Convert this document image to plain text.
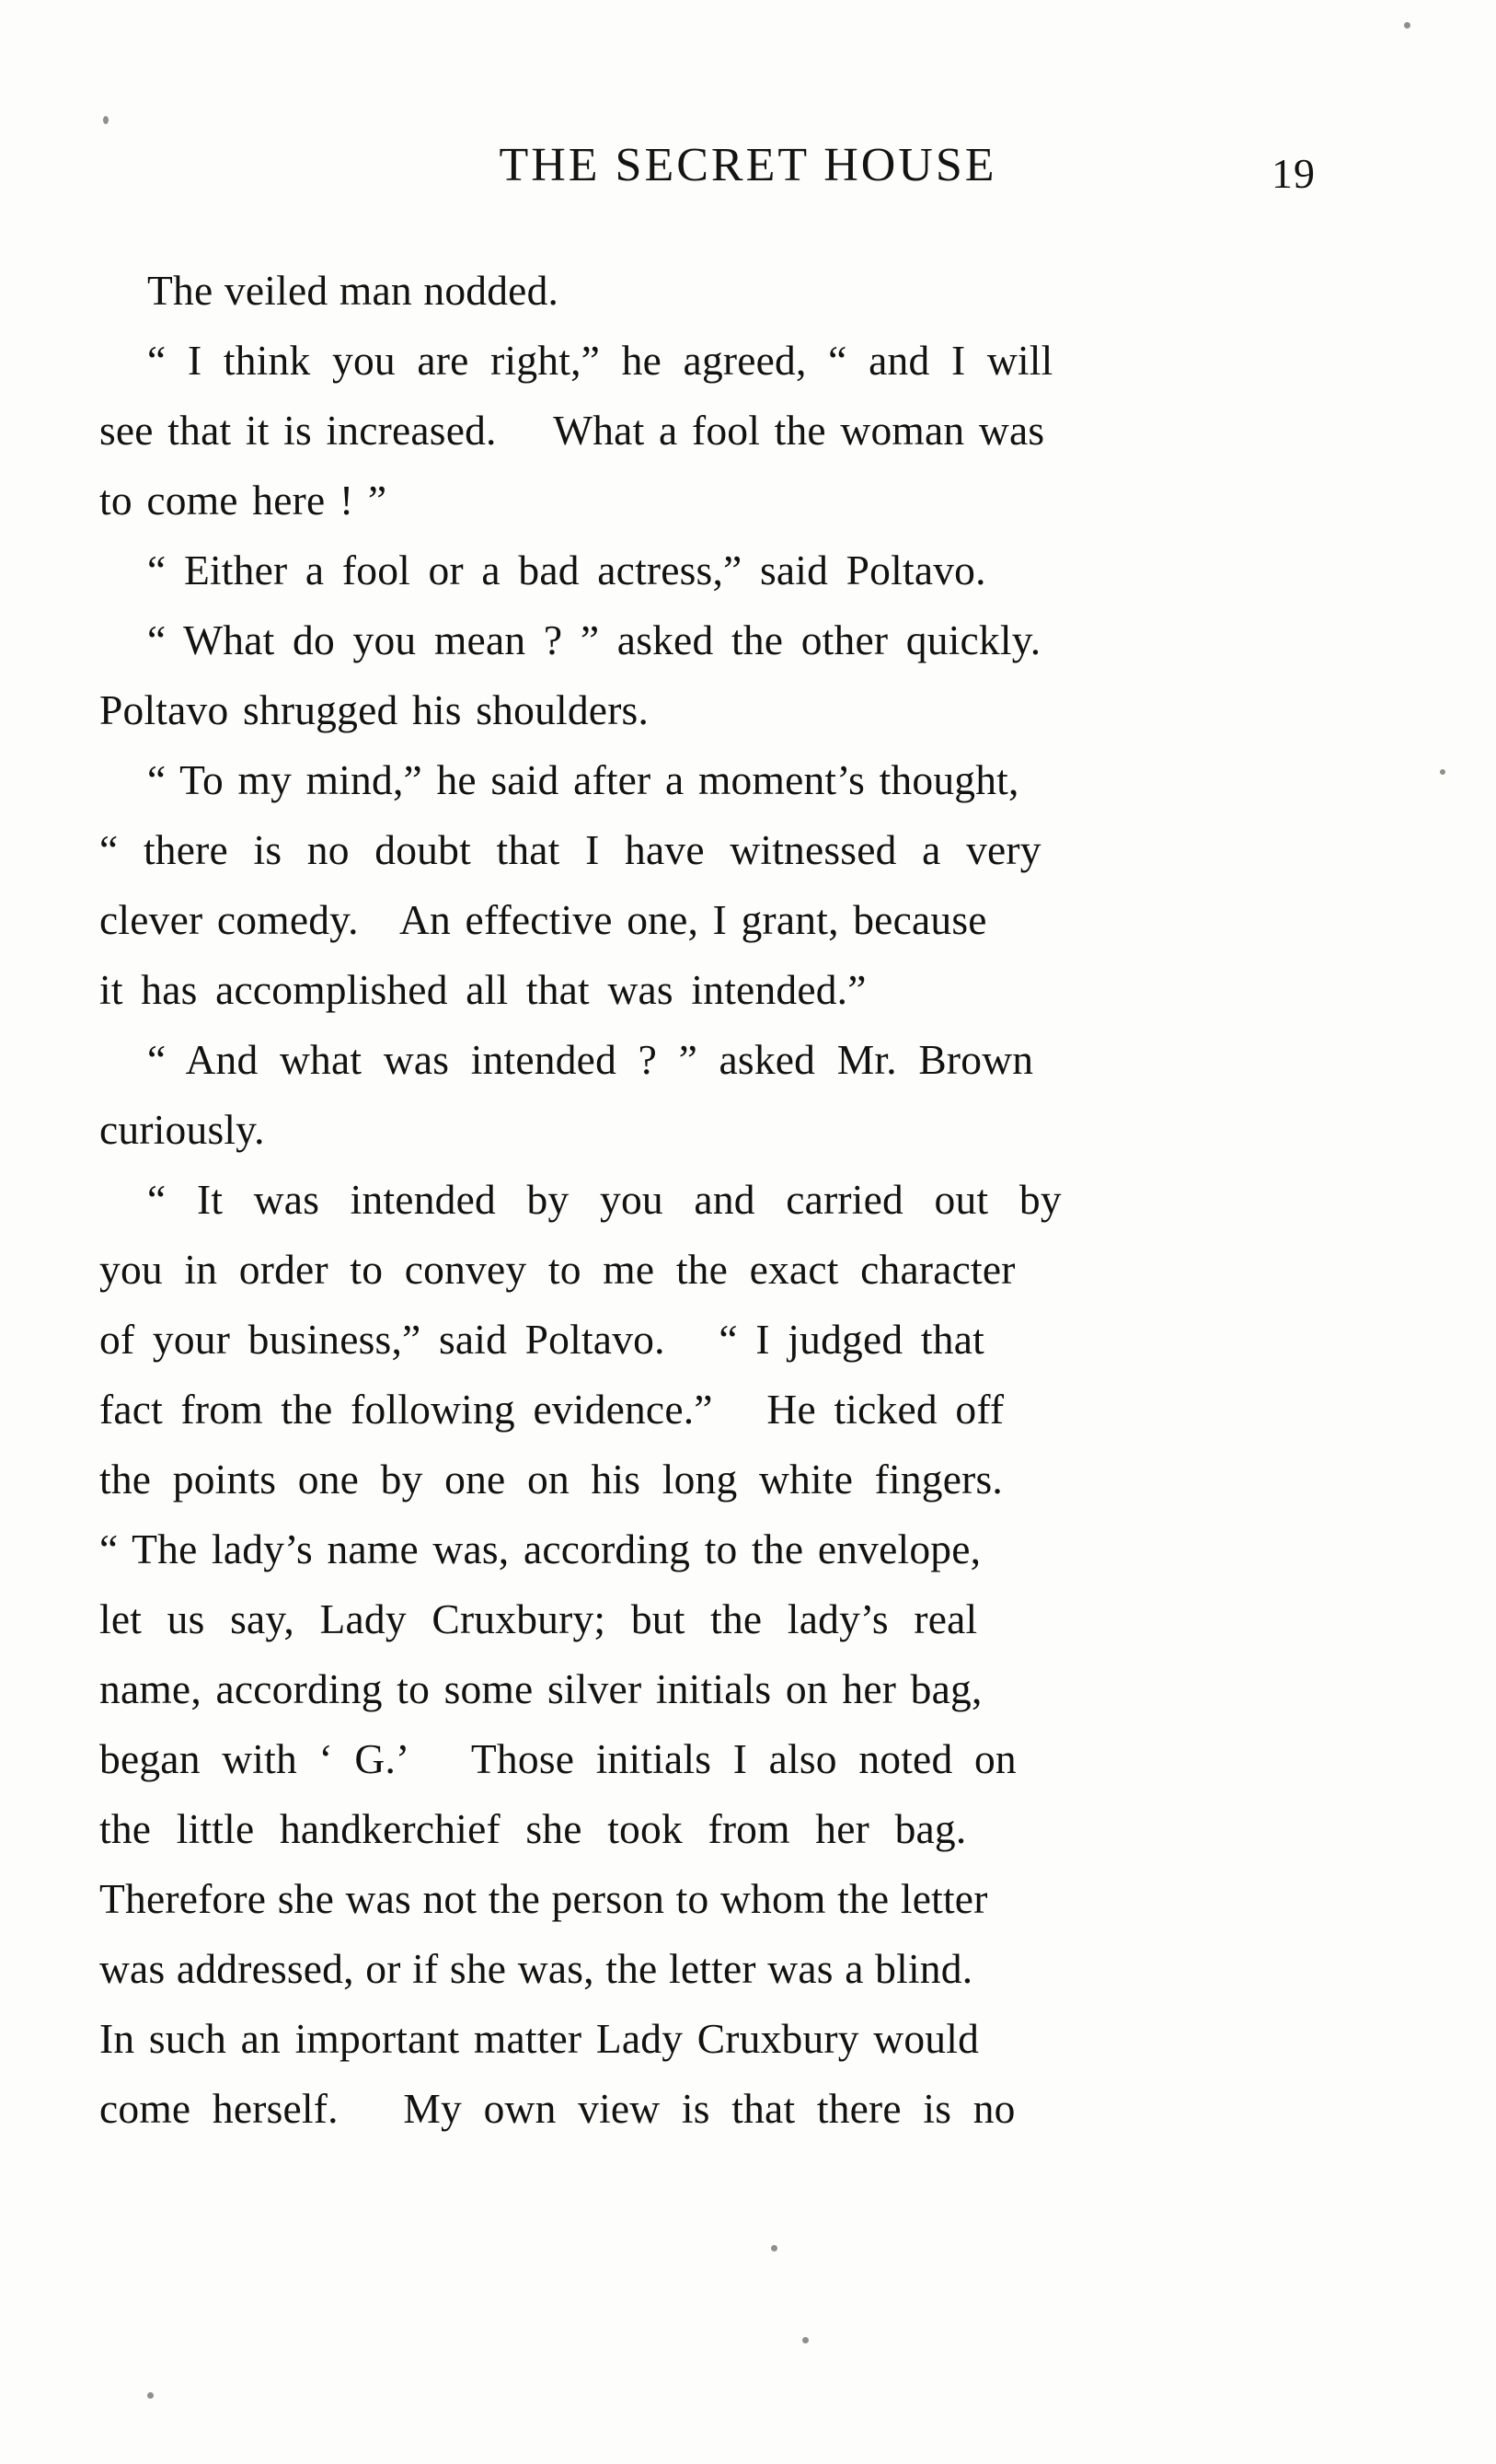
THE SECRET HOUSE	19
The veiled man nodded.
“ I think you are right,” he agreed, “ and I will
see that it is increased.    What a fool the woman was
to come here ! ”
“ Either a fool or a bad actress,” said Poltavo.
“ What do you mean ? ” asked the other quickly.
Poltavo shrugged his shoulders.
“ To my mind,” he said after a moment’s thought,
“ there is no doubt that I have witnessed a very
clever comedy.   An effective one, I grant, because
it has accomplished all that was intended.”
“ And what was intended ? ” asked Mr. Brown
curiously.
“ It was intended by you and carried out by
you in order to convey to me the exact character
of your business,” said Poltavo.   “ I judged that
fact from the following evidence.”   He ticked off
the points one by one on his long white fingers.
“ The lady’s name was, according to the envelope,
let us say, Lady Cruxbury; but the lady’s real
name, according to some silver initials on her bag,
began with ‘ G.’   Those initials I also noted on
the little handkerchief she took from her bag.
Therefore she was not the person to whom the letter
was addressed, or if she was, the letter was a blind.
In such an important matter Lady Cruxbury would
come herself.   My own view is that there is no
